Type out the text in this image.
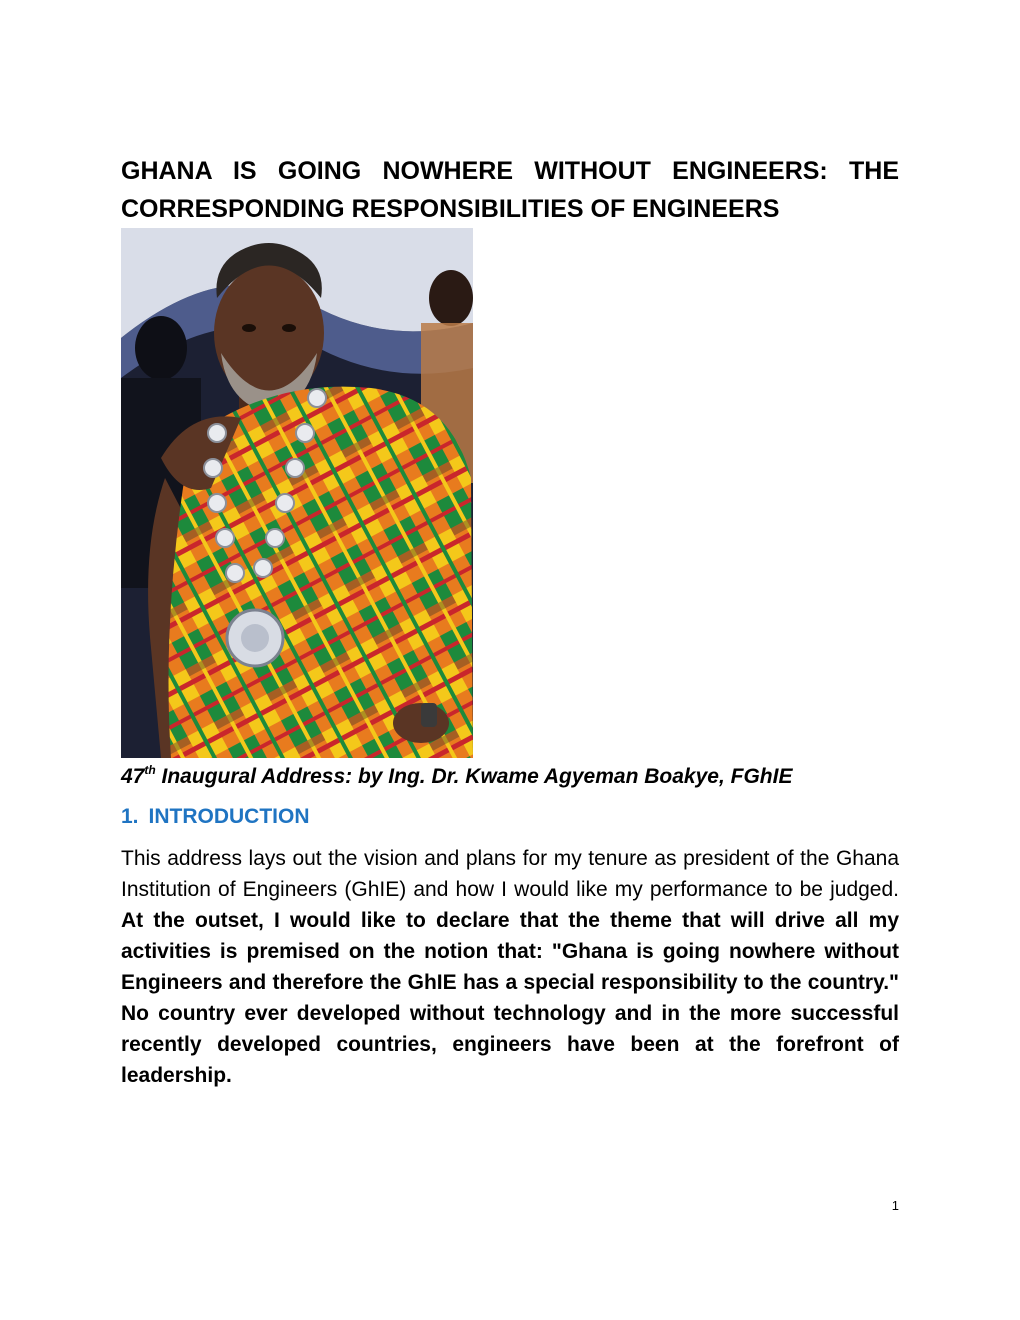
GHANA IS GOING NOWHERE WITHOUT ENGINEERS: THE CORRESPONDING RESPONSIBILITIES OF ENGINEERS

47th Inaugural Address: by Ing. Dr. Kwame Agyeman Boakye, FGhIE

1. INTRODUCTION

This address lays out the vision and plans for my tenure as president of the Ghana Institution of Engineers (GhIE) and how I would like my performance to be judged. At the outset, I would like to declare that the theme that will drive all my activities is premised on the notion that: "Ghana is going nowhere without Engineers and therefore the GhIE has a special responsibility to the country." No country ever developed without technology and in the more successful recently developed countries, engineers have been at the forefront of leadership.

1
